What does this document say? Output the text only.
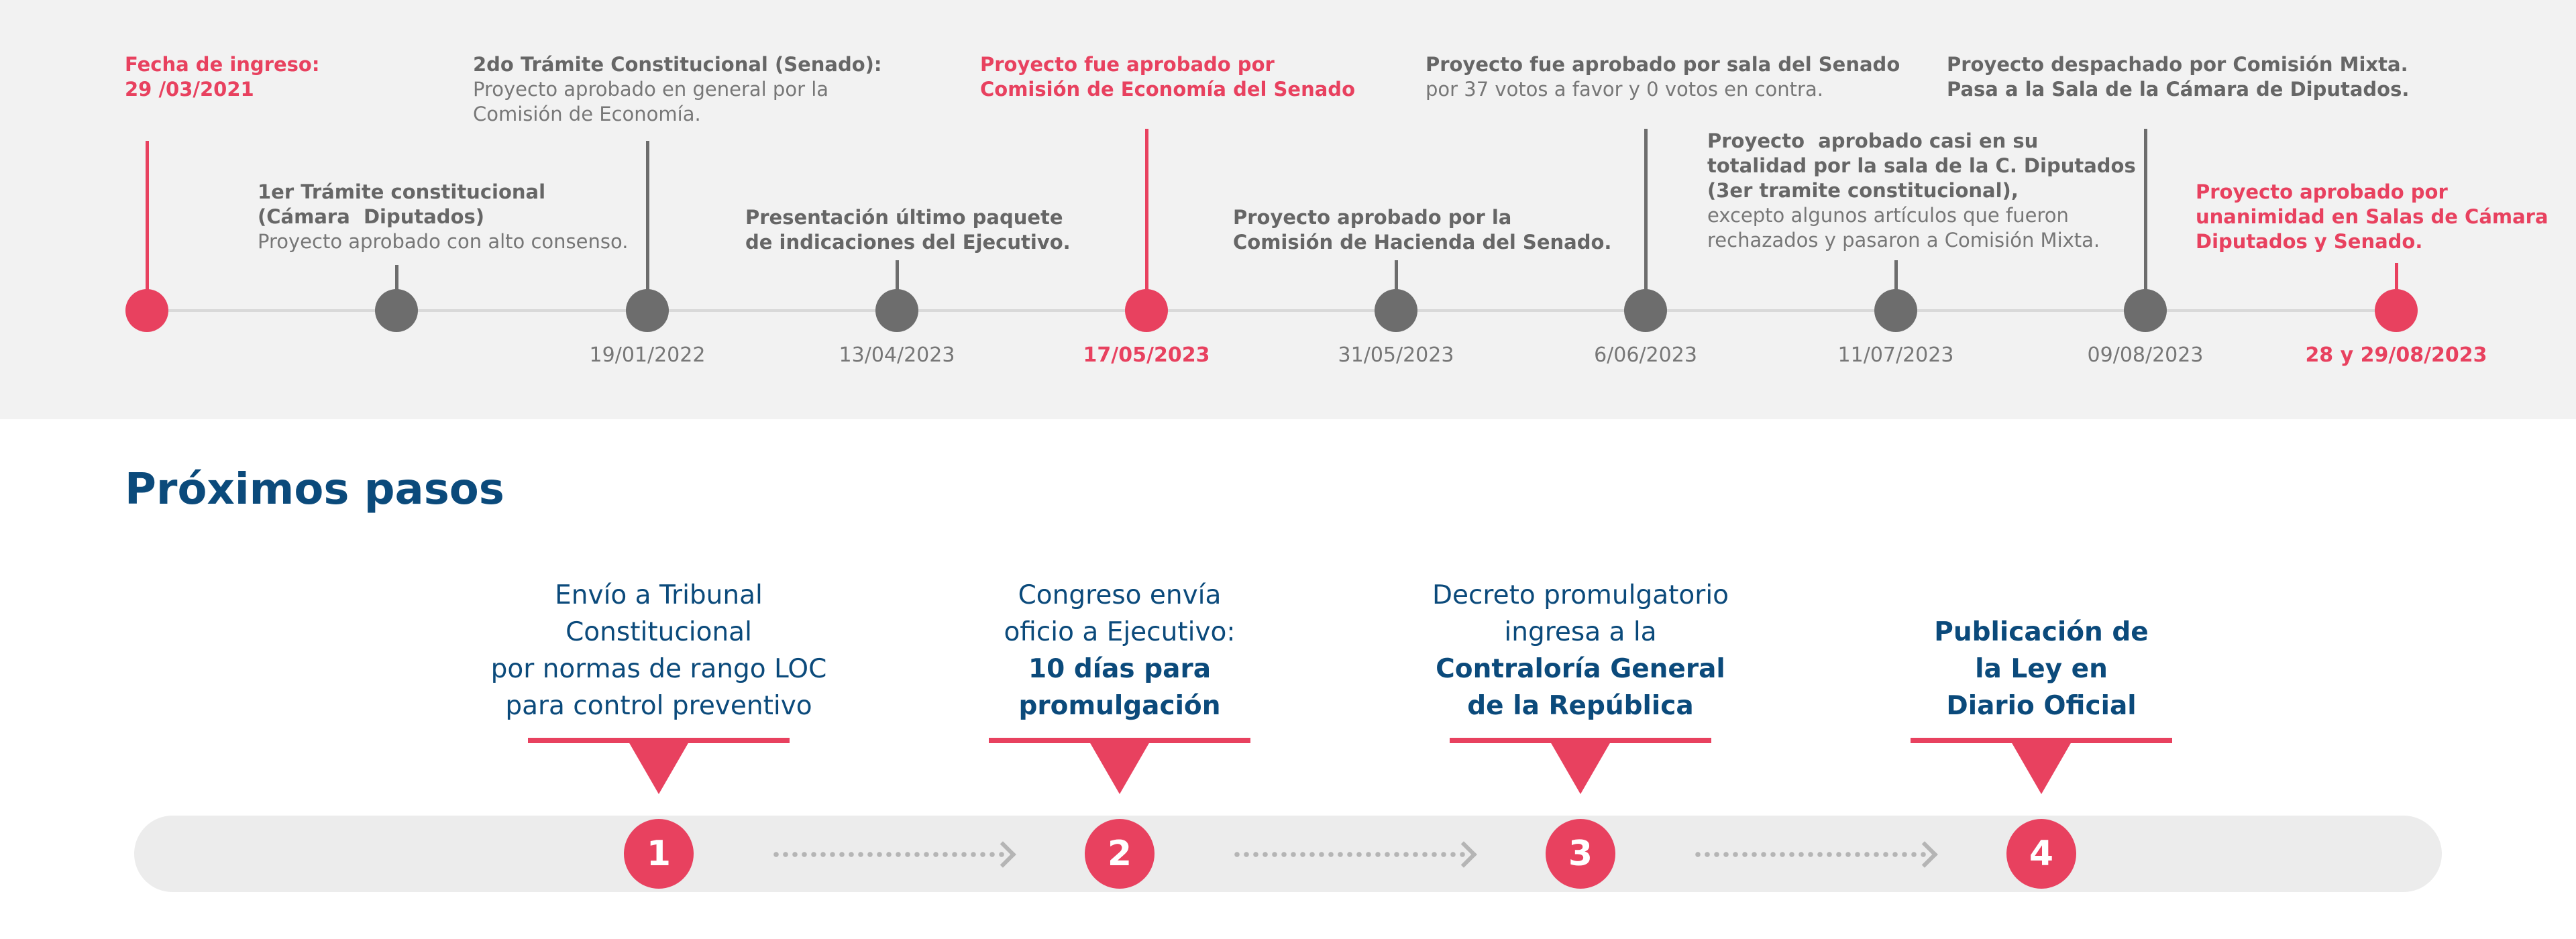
Fecha de ingreso:
29 /03/2021
1er Trámite constitucional
(Cámara  Diputados)
Proyecto aprobado con alto consenso.
2do Trámite Constitucional (Senado):
Proyecto aprobado en general por la
Comisión de Economía.
19/01/2022
Presentación último paquete
de indicaciones del Ejecutivo.
13/04/2023
Proyecto fue aprobado por
Comisión de Economía del Senado
17/05/2023
Proyecto aprobado por la
Comisión de Hacienda del Senado.
31/05/2023
Proyecto fue aprobado por sala del Senado
por 37 votos a favor y 0 votos en contra.
6/06/2023
Proyecto  aprobado casi en su
totalidad por la sala de la C. Diputados
(3er tramite constitucional),
excepto algunos artículos que fueron
rechazados y pasaron a Comisión Mixta.
11/07/2023
Proyecto despachado por Comisión Mixta.
Pasa a la Sala de la Cámara de Diputados.
09/08/2023
Proyecto aprobado por
unanimidad en Salas de Cámara
Diputados y Senado.
28 y 29/08/2023
Próximos pasos
Envío a Tribunal
Constitucional
por normas de rango LOC
para control preventivo
1
Congreso envía
oficio a Ejecutivo:
10 días para
promulgación
2
Decreto promulgatorio
ingresa a la
Contraloría General
de la República
3
Publicación de
la Ley en
Diario Oficial
4
